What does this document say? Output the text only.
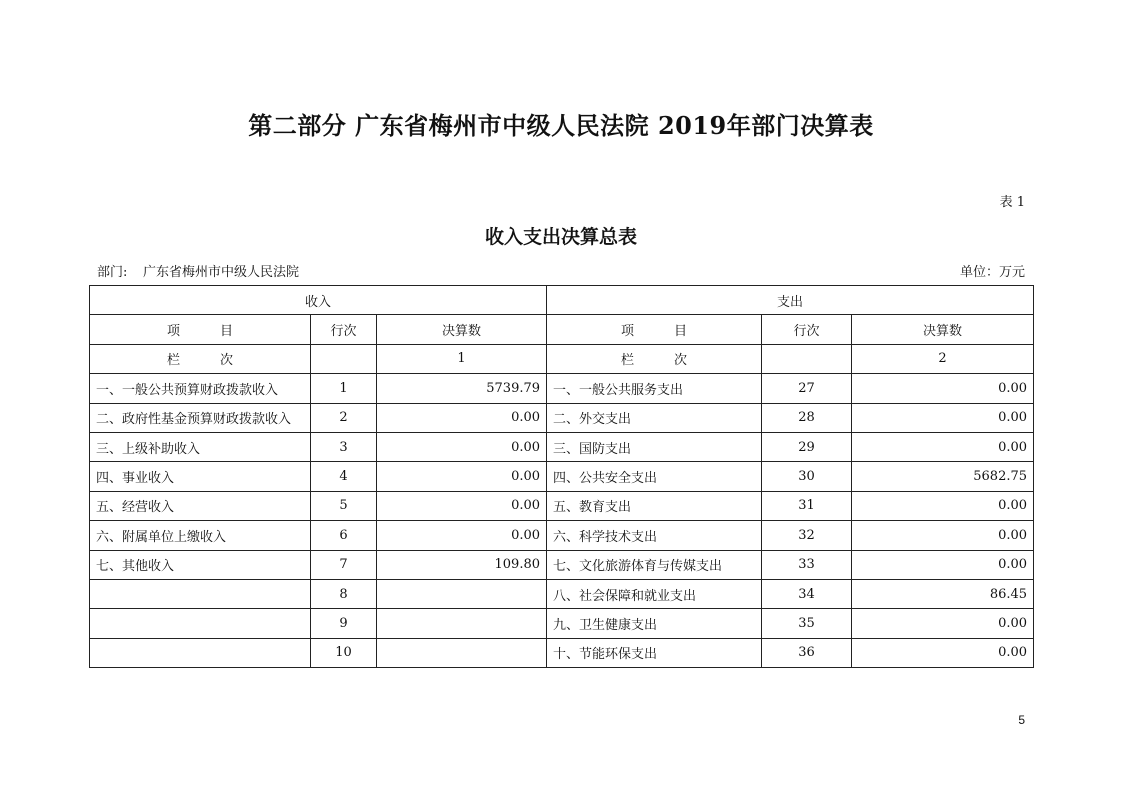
第二部分 广东省梅州市中级人民法院 2019年部门决算表
表 1
收入支出决算总表
部门: 广东省梅州市中级人民法院	单位：万元
收入			支出		
项 目	行次	决算数	项 目	行次	决算数
栏 次		1	栏 次		2
一、一般公共预算财政拨款收入	1	5739.79	一、一般公共服务支出	27	0.00
二、政府性基金预算财政拨款收入	2	0.00	二、外交支出	28	0.00
三、上级补助收入	3	0.00	三、国防支出	29	0.00
四、事业收入	4	0.00	四、公共安全支出	30	5682.75
五、经营收入	5	0.00	五、教育支出	31	0.00
六、附属单位上缴收入	6	0.00	六、科学技术支出	32	0.00
七、其他收入	7	109.80	七、文化旅游体育与传媒支出	33	0.00
	8		八、社会保障和就业支出	34	86.45
	9		九、卫生健康支出	35	0.00
	10		十、节能环保支出	36	0.00
5
